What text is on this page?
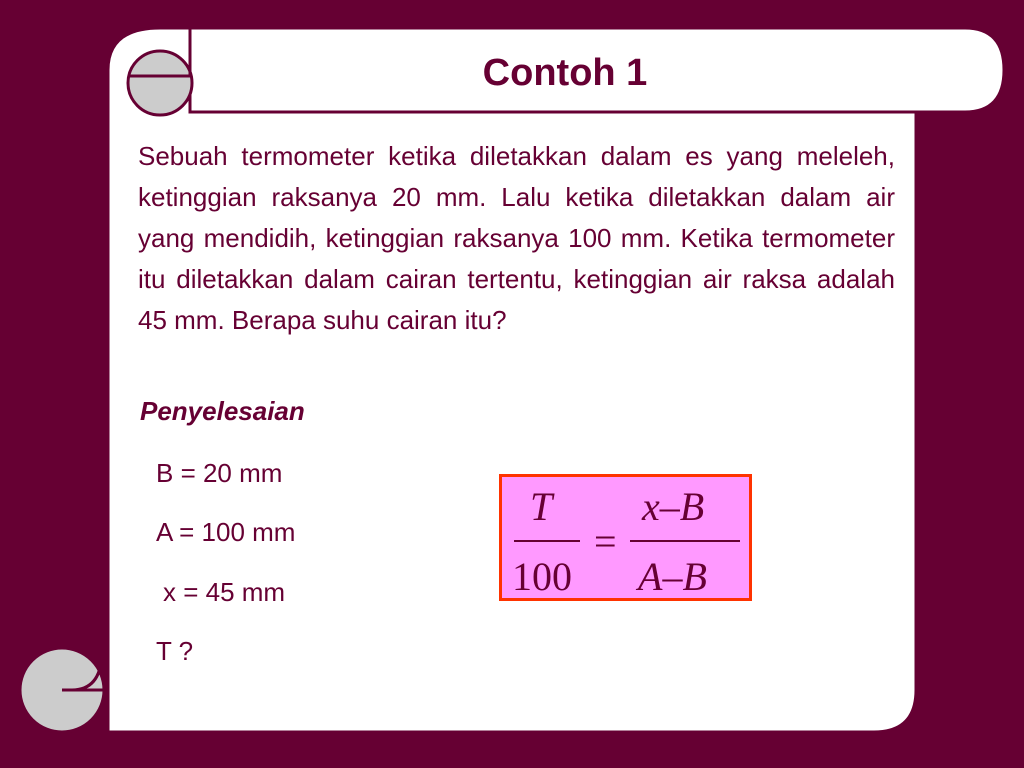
Contoh 1

Sebuah termometer ketika diletakkan dalam es yang meleleh, ketinggian raksanya 20 mm. Lalu ketika diletakkan dalam air yang mendidih, ketinggian raksanya 100 mm. Ketika termometer itu diletakkan dalam cairan tertentu, ketinggian air raksa adalah 45 mm. Berapa suhu cairan itu?

Penyelesaian
B = 20 mm
A = 100 mm
x = 45 mm
T ?
T
100
=
x–B
A–B
